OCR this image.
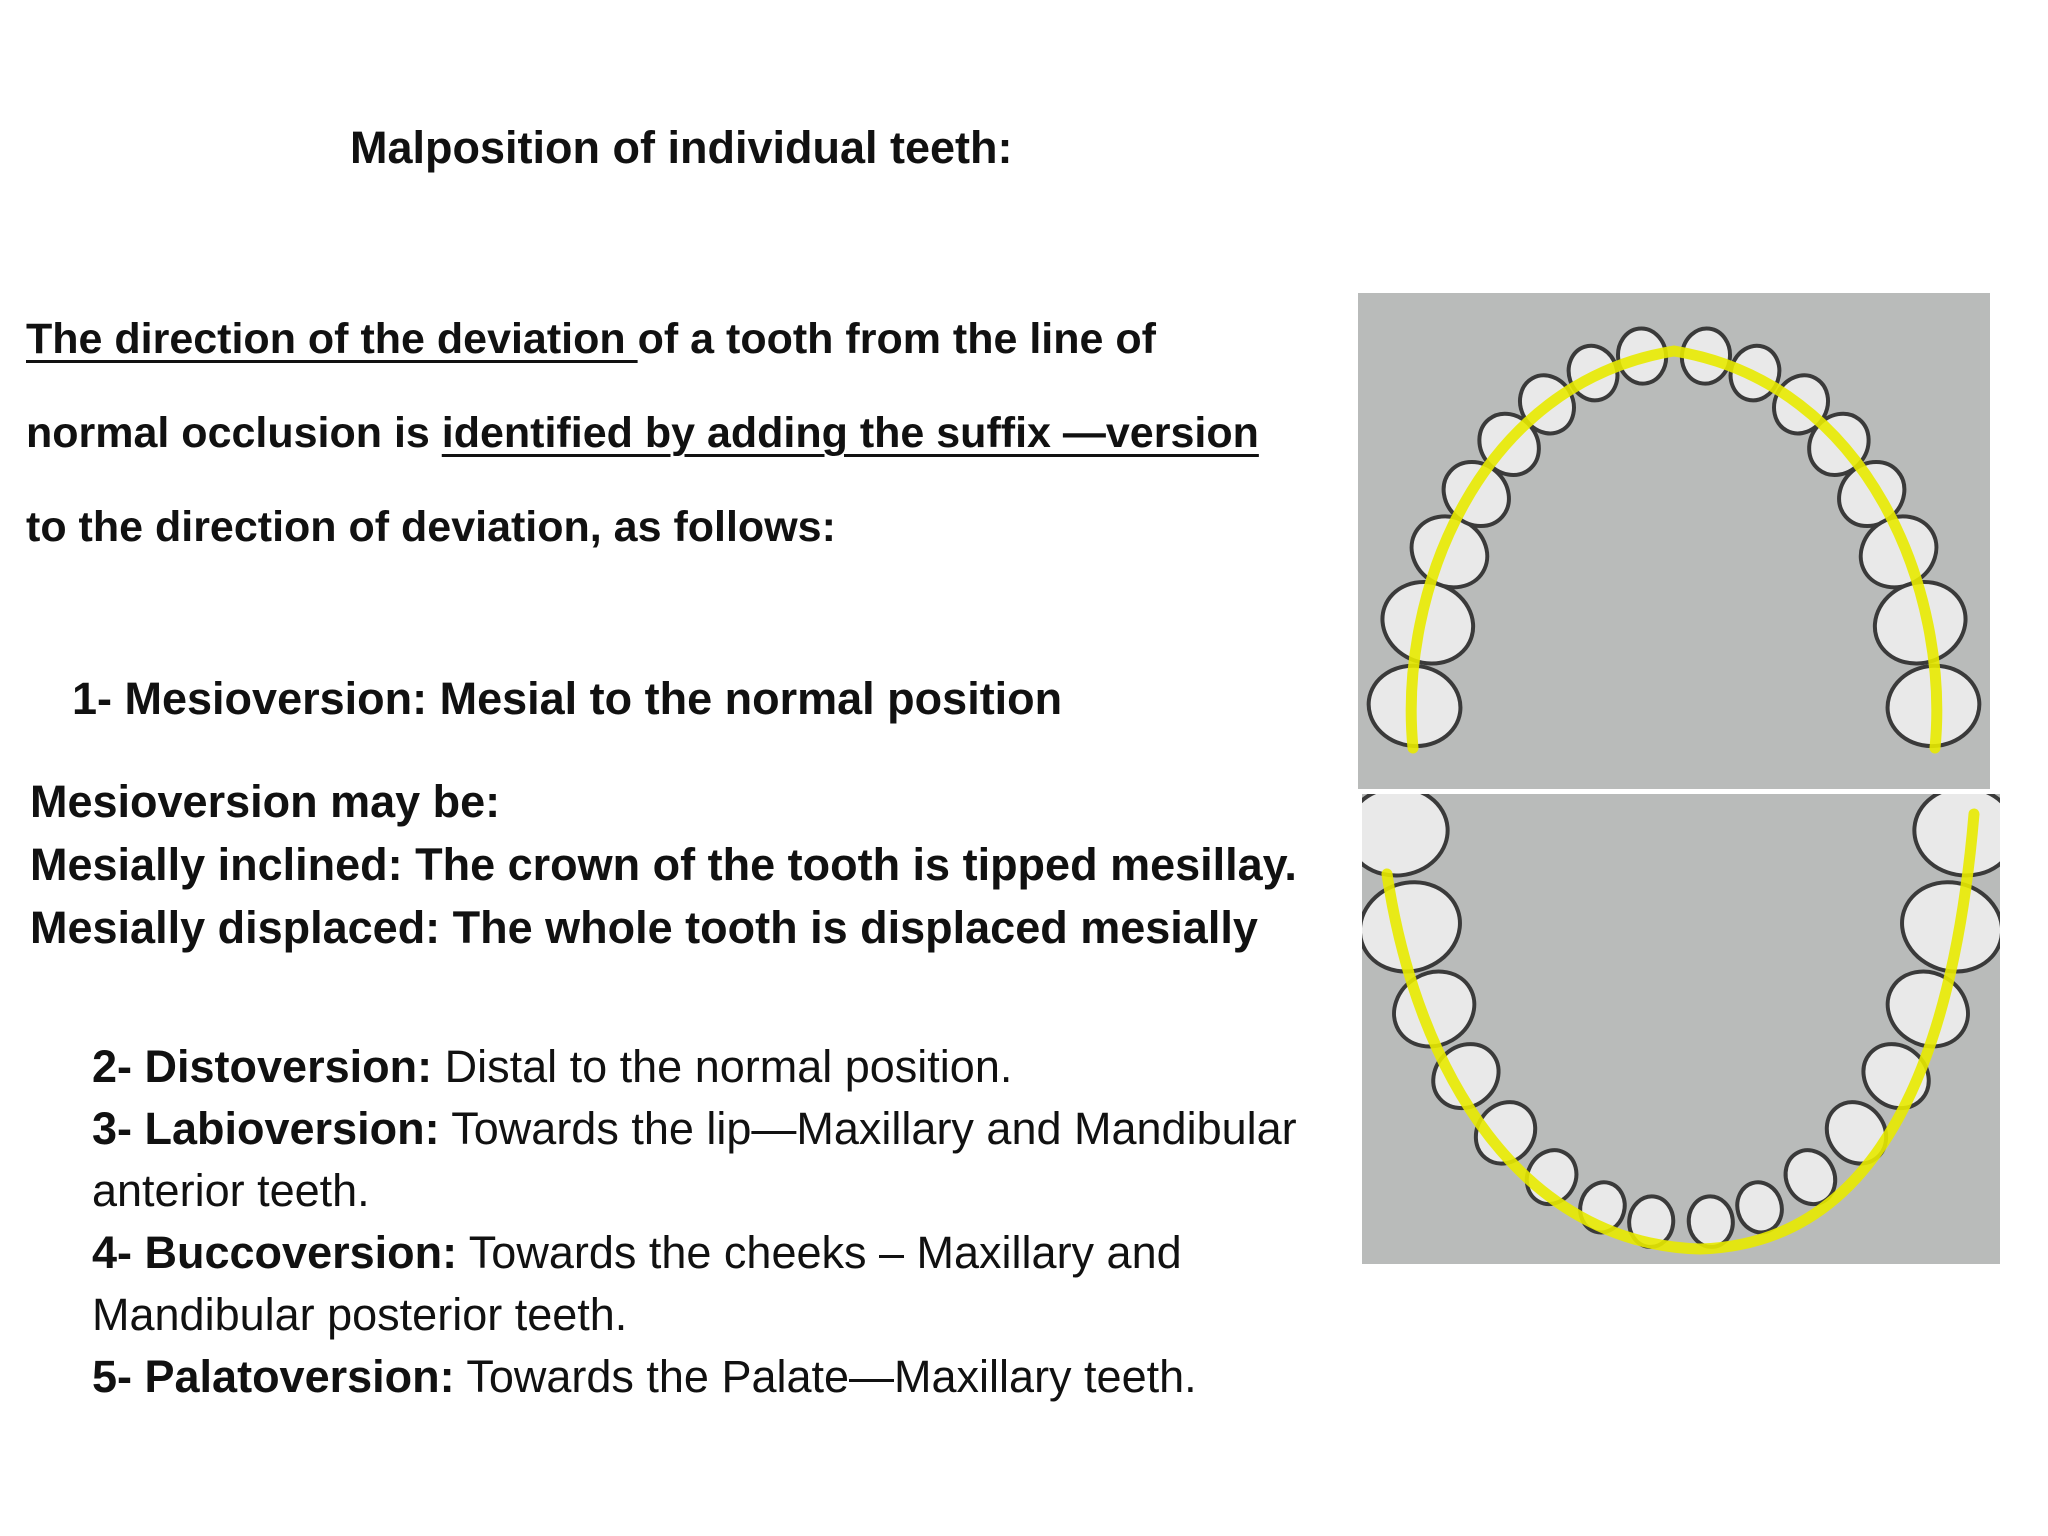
Malposition of individual teeth:
The direction of the deviation of a tooth from the line of
normal occlusion is identified by adding the suffix —version
to the direction of deviation, as follows:
1- Mesioversion: Mesial to the normal position
Mesioversion may be:
Mesially inclined: The crown of the tooth is tipped mesillay.
Mesially displaced: The whole tooth is displaced mesially
2- Distoversion: Distal to the normal position.
3- Labioversion: Towards the lip—Maxillary and Mandibular anterior teeth.
4- Buccoversion: Towards the cheeks – Maxillary and Mandibular posterior teeth.
5- Palatoversion: Towards the Palate—Maxillary teeth.
